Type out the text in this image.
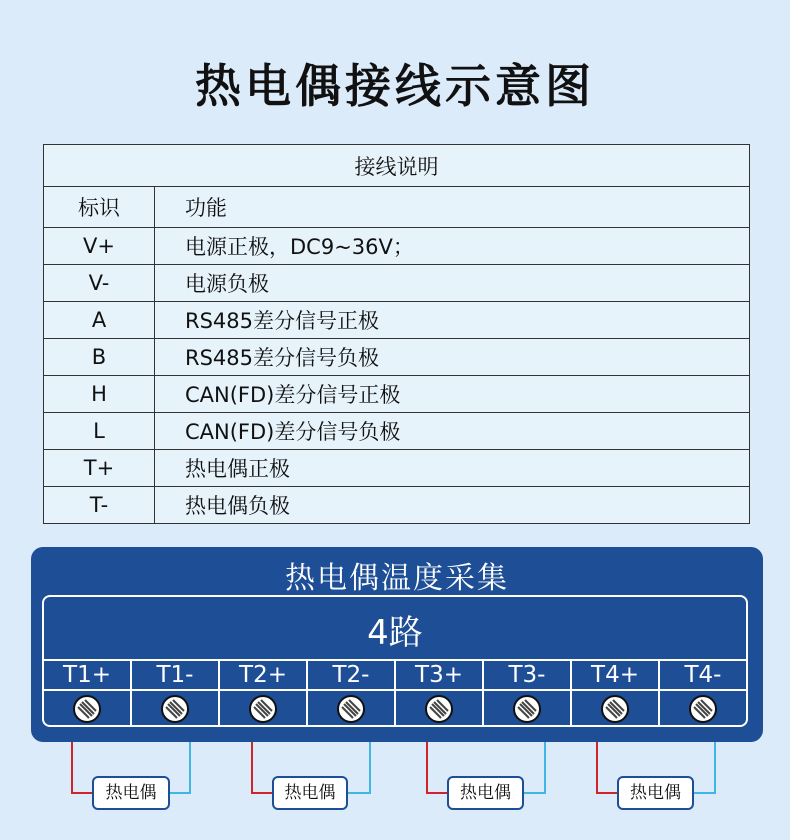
热电偶接线示意图
接线说明	
标识	功能
V+	电源正极，DC9~36V；
V-	电源负极
A	RS485差分信号正极
B	RS485差分信号负极
H	CAN(FD)差分信号正极
L	CAN(FD)差分信号负极
T+	热电偶正极
T-	热电偶负极
热电偶温度采集
4路
T1+	T1-	T2+	T2-	T3+	T3-	T4+	T4-
热电偶	热电偶	热电偶	热电偶
